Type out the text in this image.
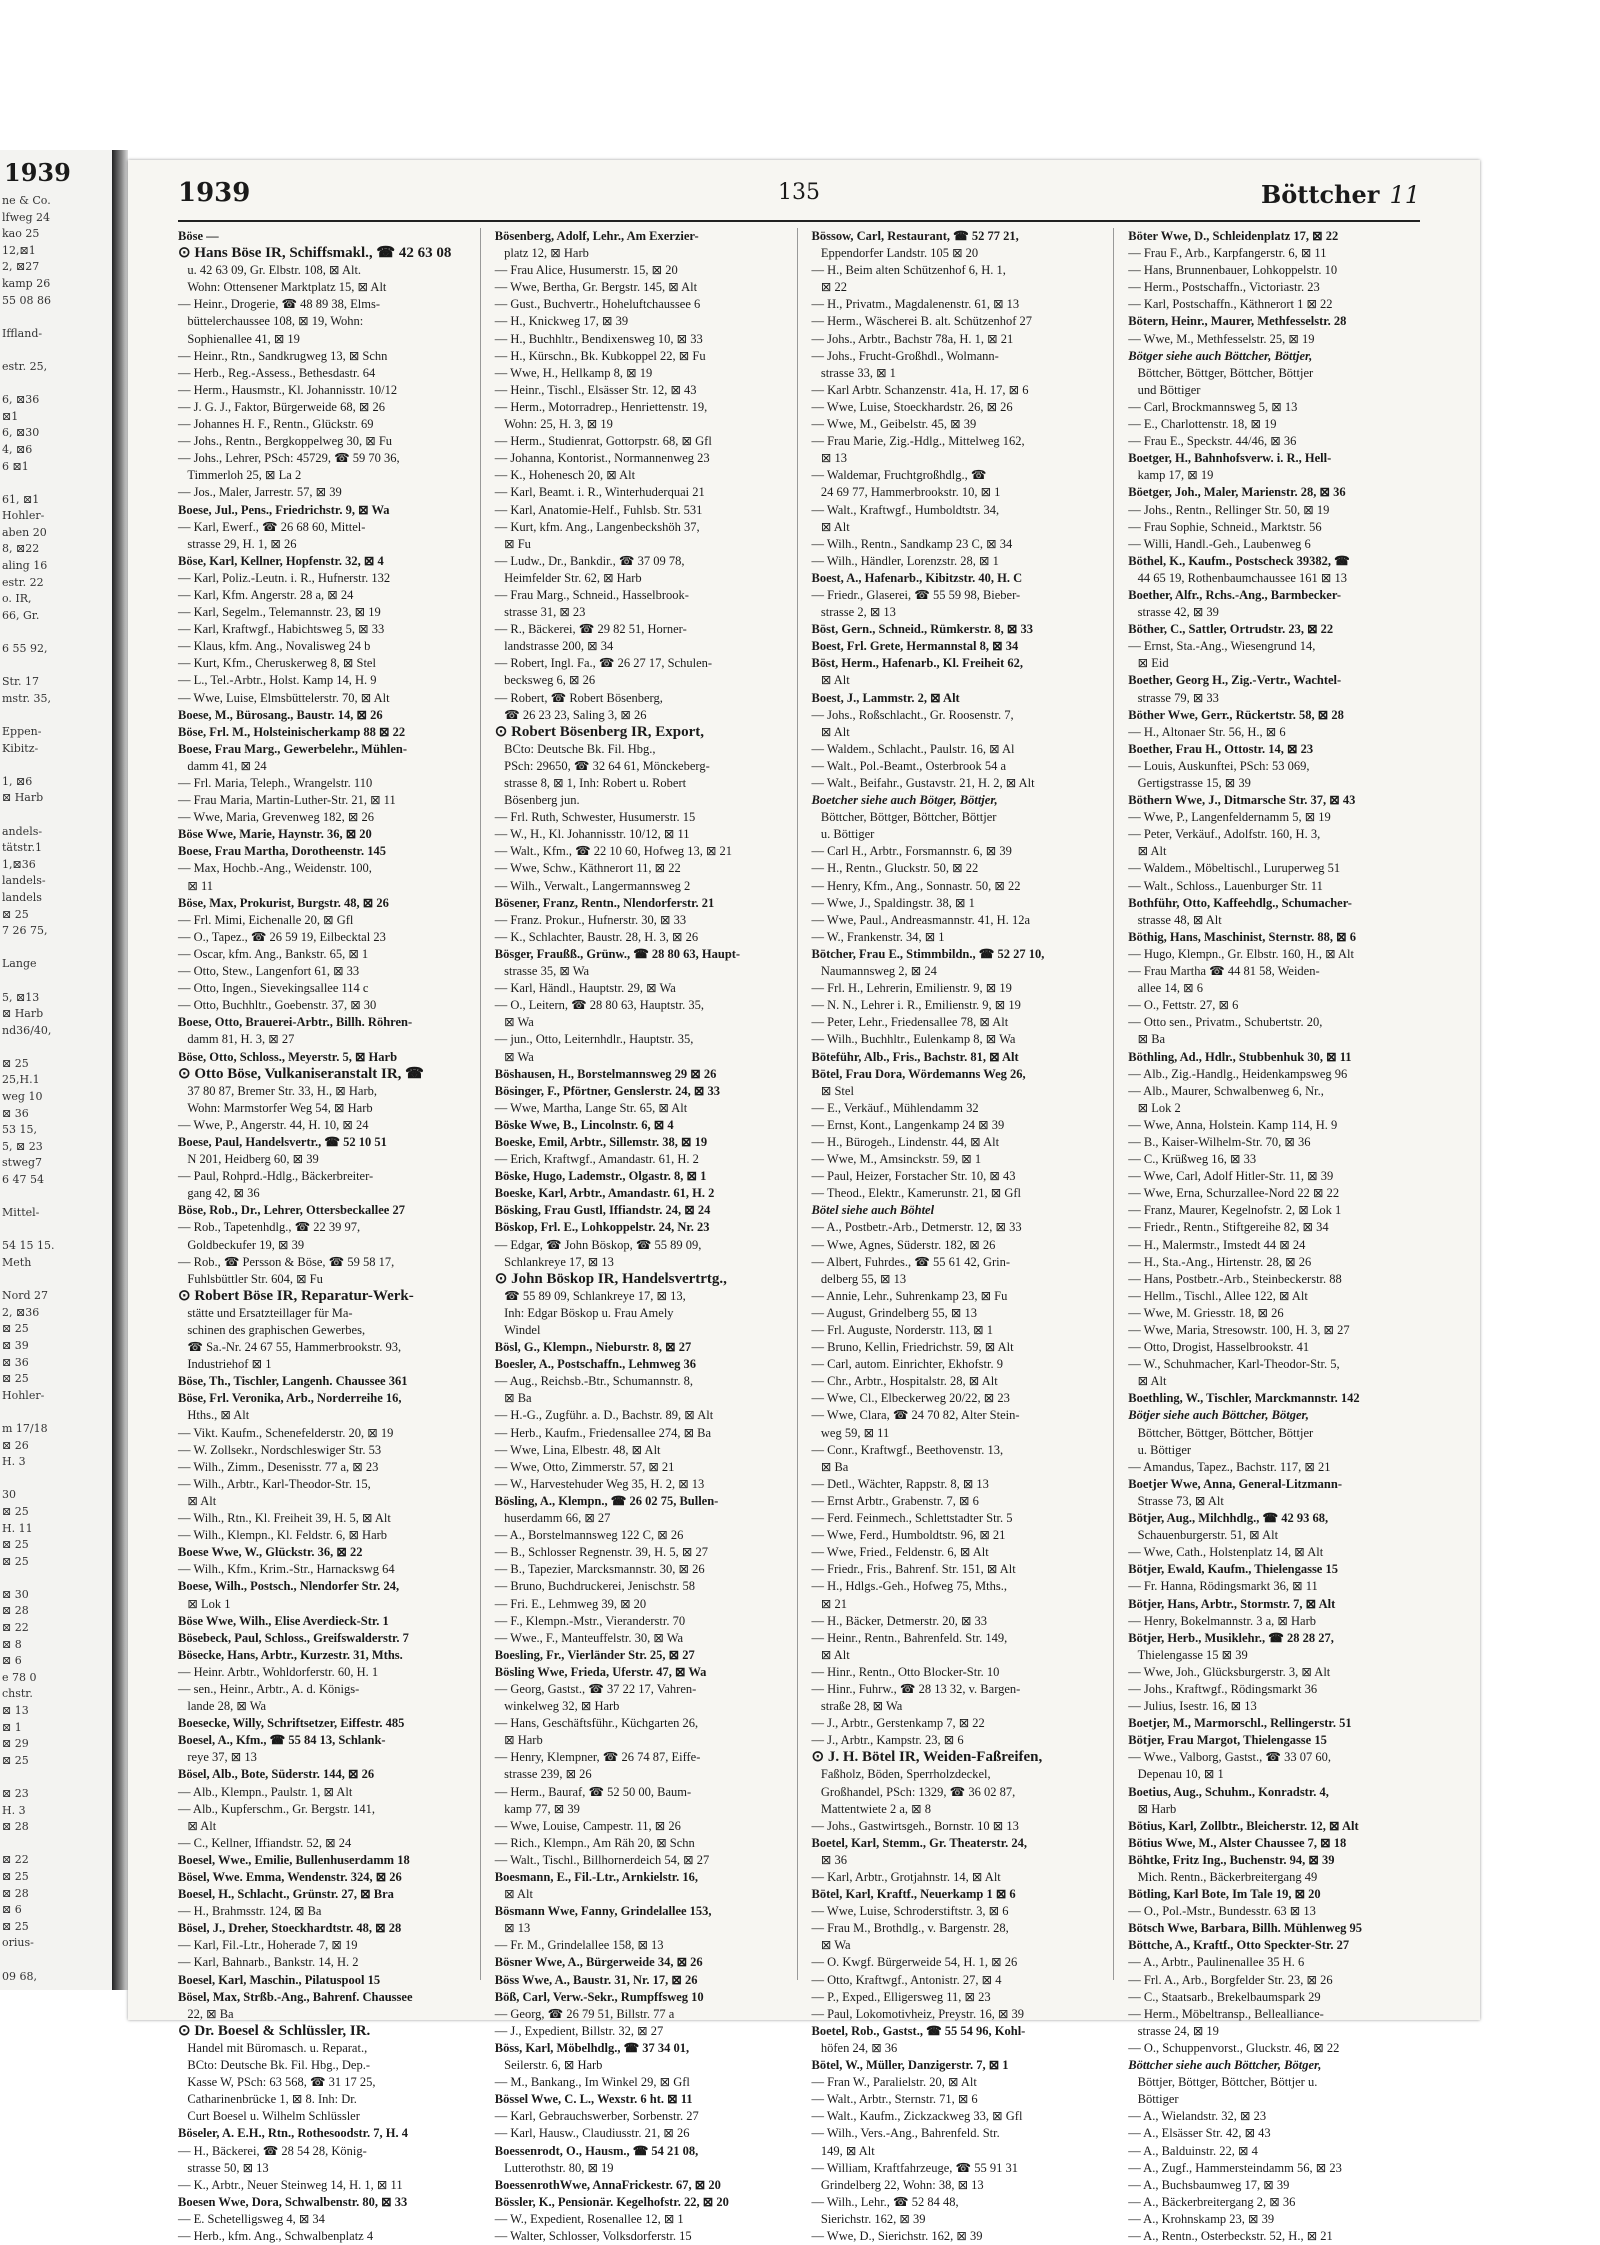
1939
ne & Co.
lfweg 24
kao 25
12,⊠1
2, ⊠27
kamp 26
55 08 86

Iffland-

estr. 25,

6, ⊠36
⊠1
6, ⊠30
4, ⊠6
6 ⊠1

61, ⊠1
Hohler-
aben 20
8, ⊠22
aling 16
estr. 22
o. IR,
66, Gr.

6 55 92,

Str. 17
mstr. 35,

Eppen-
Kibitz-

1, ⊠6
⊠ Harb

andels-
tätstr.1
1,⊠36
landels-
landels
⊠ 25
7 26 75,

Lange

5, ⊠13
⊠ Harb
nd36/40,

⊠ 25
25,H.1
weg 10
⊠ 36
53 15,
5, ⊠ 23
stweg7
6 47 54

Mittel-

54 15 15.
Meth

Nord 27
2, ⊠36
⊠ 25
⊠ 39
⊠ 36
⊠ 25
Hohler-

m 17/18
⊠ 26
H. 3

30
⊠ 25
H. 11
⊠ 25
⊠ 25

⊠ 30
⊠ 28
⊠ 22
⊠ 8
⊠ 6
e 78 0
chstr.
⊠ 13
⊠ 1
⊠ 29
⊠ 25

⊠ 23
H. 3
⊠ 28

⊠ 22
⊠ 25
⊠ 28
⊠ 6
⊠ 25
orius-

09 68,
1939	135	Böttcher 11
Böse —
⊙ Hans Böse IR, Schiffsmakl., ☎ 42 63 08
u. 42 63 09, Gr. Elbstr. 108, ⊠ Alt.
Wohn: Ottensener Marktplatz 15, ⊠ Alt
— Heinr., Drogerie, ☎ 48 89 38, Elms-
büttelerchaussee 108, ⊠ 19, Wohn:
Sophienallee 41, ⊠ 19
— Heinr., Rtn., Sandkrugweg 13, ⊠ Schn
— Herb., Reg.-Assess., Bethesdastr. 64
— Herm., Hausmstr., Kl. Johannisstr. 10/12
— J. G. J., Faktor, Bürgerweide 68, ⊠ 26
— Johannes H. F., Rentn., Glückstr. 69
— Johs., Rentn., Bergkoppelweg 30, ⊠ Fu
— Johs., Lehrer, PSch: 45729, ☎ 59 70 36,
Timmerloh 25, ⊠ La 2
— Jos., Maler, Jarrestr. 57, ⊠ 39
Boese, Jul., Pens., Friedrichstr. 9, ⊠ Wa
— Karl, Ewerf., ☎ 26 68 60, Mittel-
strasse 29, H. 1, ⊠ 26
Böse, Karl, Kellner, Hopfenstr. 32, ⊠ 4
— Karl, Poliz.-Leutn. i. R., Hufnerstr. 132
— Karl, Kfm. Angerstr. 28 a, ⊠ 24
— Karl, Segelm., Telemannstr. 23, ⊠ 19
— Karl, Kraftwgf., Habichtsweg 5, ⊠ 33
— Klaus, kfm. Ang., Novalisweg 24 b
— Kurt, Kfm., Cheruskerweg 8, ⊠ Stel
— L., Tel.-Arbtr., Holst. Kamp 14, H. 9
— Wwe, Luise, Elmsbüttelerstr. 70, ⊠ Alt
Boese, M., Bürosang., Baustr. 14, ⊠ 26
Böse, Frl. M., Holsteinischerkamp 88 ⊠ 22
Boese, Frau Marg., Gewerbelehr., Mühlen-
damm 41, ⊠ 24
— Frl. Maria, Teleph., Wrangelstr. 110
— Frau Maria, Martin-Luther-Str. 21, ⊠ 11
— Wwe, Maria, Grevenweg 182, ⊠ 26
Böse Wwe, Marie, Haynstr. 36, ⊠ 20
Boese, Frau Martha, Dorotheenstr. 145
— Max, Hochb.-Ang., Weidenstr. 100,
⊠ 11
Böse, Max, Prokurist, Burgstr. 48, ⊠ 26
— Frl. Mimi, Eichenalle 20, ⊠ Gfl
— O., Tapez., ☎ 26 59 19, Eilbecktal 23
— Oscar, kfm. Ang., Bankstr. 65, ⊠ 1
— Otto, Stew., Langenfort 61, ⊠ 33
— Otto, Ingen., Sievekingsallee 114 c
— Otto, Buchhltr., Goebenstr. 37, ⊠ 30
Boese, Otto, Brauerei-Arbtr., Billh. Röhren-
damm 81, H. 3, ⊠ 27
Böse, Otto, Schloss., Meyerstr. 5, ⊠ Harb
⊙ Otto Böse, Vulkaniseranstalt IR, ☎
37 80 87, Bremer Str. 33, H., ⊠ Harb,
Wohn: Marmstorfer Weg 54, ⊠ Harb
— Wwe, P., Angerstr. 44, H. 10, ⊠ 24
Boese, Paul, Handelsvertr., ☎ 52 10 51
N 201, Heidberg 60, ⊠ 39
— Paul, Rohprd.-Hdlg., Bäckerbreiter-
gang 42, ⊠ 36
Böse, Rob., Dr., Lehrer, Ottersbeckallee 27
— Rob., Tapetenhdlg., ☎ 22 39 97,
Goldbeckufer 19, ⊠ 39
— Rob., ☎ Persson & Böse, ☎ 59 58 17,
Fuhlsbüttler Str. 604, ⊠ Fu
⊙ Robert Böse IR, Reparatur-Werk-
stätte und Ersatzteillager für Ma-
schinen des graphischen Gewerbes,
☎ Sa.-Nr. 24 67 55, Hammerbrookstr. 93,
Industriehof ⊠ 1
Böse, Th., Tischler, Langenh. Chaussee 361
Böse, Frl. Veronika, Arb., Norderreihe 16,
Hths., ⊠ Alt
— Vikt. Kaufm., Schenefelderstr. 20, ⊠ 19
— W. Zollsekr., Nordschleswiger Str. 53
— Wilh., Zimm., Desenisstr. 77 a, ⊠ 23
— Wilh., Arbtr., Karl-Theodor-Str. 15,
⊠ Alt
— Wilh., Rtn., Kl. Freiheit 39, H. 5, ⊠ Alt
— Wilh., Klempn., Kl. Feldstr. 6, ⊠ Harb
Boese Wwe, W., Glückstr. 36, ⊠ 22
— Wilh., Kfm., Krim.-Str., Harnackswg 64
Boese, Wilh., Postsch., Nlendorfer Str. 24,
⊠ Lok 1
Böse Wwe, Wilh., Elise Averdieck-Str. 1
Bösebeck, Paul, Schloss., Greifswalderstr. 7
Bösecke, Hans, Arbtr., Kurzestr. 31, Mths.
— Heinr. Arbtr., Wohldorferstr. 60, H. 1
— sen., Heinr., Arbtr., A. d. Königs-
lande 28, ⊠ Wa
Boesecke, Willy, Schriftsetzer, Eiffestr. 485
Boesel, A., Kfm., ☎ 55 84 13, Schlank-
reye 37, ⊠ 13
Bösel, Alb., Bote, Süderstr. 144, ⊠ 26
— Alb., Klempn., Paulstr. 1, ⊠ Alt
— Alb., Kupferschm., Gr. Bergstr. 141,
⊠ Alt
— C., Kellner, Iffiandstr. 52, ⊠ 24
Boesel, Wwe., Emilie, Bullenhuserdamm 18
Bösel, Wwe. Emma, Wendenstr. 324, ⊠ 26
Boesel, H., Schlacht., Grünstr. 27, ⊠ Bra
— H., Brahmsstr. 124, ⊠ Ba
Bösel, J., Dreher, Stoeckhardtstr. 48, ⊠ 28
— Karl, Fil.-Ltr., Hoherade 7, ⊠ 19
— Karl, Bahnarb., Bankstr. 14, H. 2
Boesel, Karl, Maschin., Pilatuspool 15
Bösel, Max, Strßb.-Ang., Bahrenf. Chaussee
22, ⊠ Ba
⊙ Dr. Boesel & Schlüssler, IR.
Handel mit Büromasch. u. Reparat.,
BCto: Deutsche Bk. Fil. Hbg., Dep.-
Kasse W, PSch: 63 568, ☎ 31 17 25,
Catharinenbrücke 1, ⊠ 8. Inh: Dr.
Curt Boesel u. Wilhelm Schlüssler
Böseler, A. E.H., Rtn., Rothesoodstr. 7, H. 4
— H., Bäckerei, ☎ 28 54 28, König-
strasse 50, ⊠ 13
— K., Arbtr., Neuer Steinweg 14, H. 1, ⊠ 11
Boesen Wwe, Dora, Schwalbenstr. 80, ⊠ 33
— E. Schetelligsweg 4, ⊠ 34
— Herb., kfm. Ang., Schwalbenplatz 4
Bösenberg, Adolf, Lehr., Am Exerzier-
platz 12, ⊠ Harb
— Frau Alice, Husumerstr. 15, ⊠ 20
— Wwe, Bertha, Gr. Bergstr. 145, ⊠ Alt
— Gust., Buchvertr., Hoheluftchaussee 6
— H., Knickweg 17, ⊠ 39
— H., Buchhltr., Bendixensweg 10, ⊠ 33
— H., Kürschn., Bk. Kubkoppel 22, ⊠ Fu
— Wwe, H., Hellkamp 8, ⊠ 19
— Heinr., Tischl., Elsässer Str. 12, ⊠ 43
— Herm., Motorradrep., Henriettenstr. 19,
Wohn: 25, H. 3, ⊠ 19
— Herm., Studienrat, Gottorpstr. 68, ⊠ Gfl
— Johanna, Kontorist., Normannenweg 23
— K., Hohenesch 20, ⊠ Alt
— Karl, Beamt. i. R., Winterhuderquai 21
— Karl, Anatomie-Helf., Fuhlsb. Str. 531
— Kurt, kfm. Ang., Langenbeckshöh 37,
⊠ Fu
— Ludw., Dr., Bankdir., ☎ 37 09 78,
Heimfelder Str. 62, ⊠ Harb
— Frau Marg., Schneid., Hasselbrook-
strasse 31, ⊠ 23
— R., Bäckerei, ☎ 29 82 51, Horner-
landstrasse 200, ⊠ 34
— Robert, Ingl. Fa., ☎ 26 27 17, Schulen-
becksweg 6, ⊠ 26
— Robert, ☎ Robert Bösenberg,
☎ 26 23 23, Saling 3, ⊠ 26
⊙ Robert Bösenberg IR, Export,
BCto: Deutsche Bk. Fil. Hbg.,
PSch: 29650, ☎ 32 64 61, Mönckeberg-
strasse 8, ⊠ 1, Inh: Robert u. Robert
Bösenberg jun.
— Frl. Ruth, Schwester, Husumerstr. 15
— W., H., Kl. Johannisstr. 10/12, ⊠ 11
— Walt., Kfm., ☎ 22 10 60, Hofweg 13, ⊠ 21
— Wwe, Schw., Käthnerort 11, ⊠ 22
— Wilh., Verwalt., Langermannsweg 2
Bösener, Franz, Rentn., Nlendorferstr. 21
— Franz. Prokur., Hufnerstr. 30, ⊠ 33
— K., Schlachter, Baustr. 28, H. 3, ⊠ 26
Bösger, Fraußß., Grünw., ☎ 28 80 63, Haupt-
strasse 35, ⊠ Wa
— Karl, Händl., Hauptstr. 29, ⊠ Wa
— O., Leitern, ☎ 28 80 63, Hauptstr. 35,
⊠ Wa
— jun., Otto, Leiternhdlr., Hauptstr. 35,
⊠ Wa
Böshausen, H., Borstelmannsweg 29 ⊠ 26
Bösinger, F., Pförtner, Genslerstr. 24, ⊠ 33
— Wwe, Martha, Lange Str. 65, ⊠ Alt
Böske Wwe, B., Lincolnstr. 6, ⊠ 4
Boeske, Emil, Arbtr., Sillemstr. 38, ⊠ 19
— Erich, Kraftwgf., Amandastr. 61, H. 2
Böske, Hugo, Lademstr., Olgastr. 8, ⊠ 1
Boeske, Karl, Arbtr., Amandastr. 61, H. 2
Bösking, Frau Gustl, Iffiandstr. 24, ⊠ 24
Böskop, Frl. E., Lohkoppelstr. 24, Nr. 23
— Edgar, ☎ John Böskop, ☎ 55 89 09,
Schlankreye 17, ⊠ 13
⊙ John Böskop IR, Handelsvertrtg.,
☎ 55 89 09, Schlankreye 17, ⊠ 13,
Inh: Edgar Böskop u. Frau Amely
Windel
Bösl, G., Klempn., Nieburstr. 8, ⊠ 27
Boesler, A., Postschaffn., Lehmweg 36
— Aug., Reichsb.-Btr., Schumannstr. 8,
⊠ Ba
— H.-G., Zugführ. a. D., Bachstr. 89, ⊠ Alt
— Herb., Kaufm., Friedensallee 274, ⊠ Ba
— Wwe, Lina, Elbestr. 48, ⊠ Alt
— Wwe, Otto, Zimmerstr. 57, ⊠ 21
— W., Harvestehuder Weg 35, H. 2, ⊠ 13
Bösling, A., Klempn., ☎ 26 02 75, Bullen-
huserdamm 66, ⊠ 27
— A., Borstelmannsweg 122 C, ⊠ 26
— B., Schlosser Regnenstr. 39, H. 5, ⊠ 27
— B., Tapezier, Marcksmannstr. 30, ⊠ 26
— Bruno, Buchdruckerei, Jenischstr. 58
— Fri. E., Lehmweg 39, ⊠ 20
— F., Klempn.-Mstr., Vieranderstr. 70
— Wwe., F., Manteuffelstr. 30, ⊠ Wa
Boesling, Fr., Vierländer Str. 25, ⊠ 27
Bösling Wwe, Frieda, Uferstr. 47, ⊠ Wa
— Georg, Gastst., ☎ 37 22 17, Vahren-
winkelweg 32, ⊠ Harb
— Hans, Geschäftsführ., Küchgarten 26,
⊠ Harb
— Henry, Klempner, ☎ 26 74 87, Eiffe-
strasse 239, ⊠ 26
— Herm., Bauraf, ☎ 52 50 00, Baum-
kamp 77, ⊠ 39
— Wwe, Louise, Campestr. 11, ⊠ 26
— Rich., Klempn., Am Räh 20, ⊠ Schn
— Walt., Tischl., Billhornerdeich 54, ⊠ 27
Boesmann, E., Fil.-Ltr., Arnkielstr. 16,
⊠ Alt
Bösmann Wwe, Fanny, Grindelallee 153,
⊠ 13
— Fr. M., Grindelallee 158, ⊠ 13
Bösner Wwe, A., Bürgerweide 34, ⊠ 26
Böss Wwe, A., Baustr. 31, Nr. 17, ⊠ 26
Böß, Carl, Verw.-Sekr., Rumpffsweg 10
— Georg, ☎ 26 79 51, Billstr. 77 a
— J., Expedient, Billstr. 32, ⊠ 27
Böss, Karl, Möbelhdlg., ☎ 37 34 01,
Seilerstr. 6, ⊠ Harb
— M., Bankang., Im Winkel 29, ⊠ Gfl
Bössel Wwe, C. L., Wexstr. 6 ht. ⊠ 11
— Karl, Gebrauchswerber, Sorbenstr. 27
— Karl, Hausw., Claudiusstr. 21, ⊠ 26
Boessenrodt, O., Hausm., ☎ 54 21 08,
Lutterothstr. 80, ⊠ 19
BoessenrothWwe, AnnaFrickestr. 67, ⊠ 20
Bössler, K., Pensionär. Kegelhofstr. 22, ⊠ 20
— W., Expedient, Rosenallee 12, ⊠ 1
— Walter, Schlosser, Volksdorferstr. 15
Bössow, Carl, Restaurant, ☎ 52 77 21,
Eppendorfer Landstr. 105 ⊠ 20
— H., Beim alten Schützenhof 6, H. 1,
⊠ 22
— H., Privatm., Magdalenenstr. 61, ⊠ 13
— Herm., Wäscherei B. alt. Schützenhof 27
— Johs., Arbtr., Bachstr 78a, H. 1, ⊠ 21
— Johs., Frucht-Großhdl., Wolmann-
strasse 33, ⊠ 1
— Karl Arbtr. Schanzenstr. 41a, H. 17, ⊠ 6
— Wwe, Luise, Stoeckhardstr. 26, ⊠ 26
— Wwe, M., Geibelstr. 45, ⊠ 39
— Frau Marie, Zig.-Hdlg., Mittelweg 162,
⊠ 13
— Waldemar, Fruchtgroßhdlg., ☎
24 69 77, Hammerbrookstr. 10, ⊠ 1
— Walt., Kraftwgf., Humboldtstr. 34,
⊠ Alt
— Wilh., Rentn., Sandkamp 23 C, ⊠ 34
— Wilh., Händler, Lorenzstr. 28, ⊠ 1
Boest, A., Hafenarb., Kibitzstr. 40, H. C
— Friedr., Glaserei, ☎ 55 59 98, Bieber-
strasse 2, ⊠ 13
Böst, Gern., Schneid., Rümkerstr. 8, ⊠ 33
Boest, Frl. Grete, Hermannstal 8, ⊠ 34
Böst, Herm., Hafenarb., Kl. Freiheit 62,
⊠ Alt
Boest, J., Lammstr. 2, ⊠ Alt
— Johs., Roßschlacht., Gr. Roosenstr. 7,
⊠ Alt
— Waldem., Schlacht., Paulstr. 16, ⊠ Al
— Walt., Pol.-Beamt., Osterbrook 54 a
— Walt., Beifahr., Gustavstr. 21, H. 2, ⊠ Alt
Boetcher siehe auch Bötger, Böttjer,
Böttcher, Böttger, Böttcher, Böttjer
u. Böttiger
— Carl H., Arbtr., Forsmannstr. 6, ⊠ 39
— H., Rentn., Gluckstr. 50, ⊠ 22
— Henry, Kfm., Ang., Sonnastr. 50, ⊠ 22
— Wwe, J., Spaldingstr. 38, ⊠ 1
— Wwe, Paul., Andreasmannstr. 41, H. 12a
— W., Frankenstr. 34, ⊠ 1
Bötcher, Frau E., Stimmbildn., ☎ 52 27 10,
Naumannsweg 2, ⊠ 24
— Frl. H., Lehrerin, Emilienstr. 9, ⊠ 19
— N. N., Lehrer i. R., Emilienstr. 9, ⊠ 19
— Peter, Lehr., Friedensallee 78, ⊠ Alt
— Wilh., Buchhltr., Eulenkamp 8, ⊠ Wa
Böteführ, Alb., Fris., Bachstr. 81, ⊠ Alt
Bötel, Frau Dora, Wördemanns Weg 26,
⊠ Stel
— E., Verkäuf., Mühlendamm 32
— Ernst, Kont., Langenkamp 24 ⊠ 39
— H., Bürogeh., Lindenstr. 44, ⊠ Alt
— Wwe, M., Amsinckstr. 59, ⊠ 1
— Paul, Heizer, Forstacher Str. 10, ⊠ 43
— Theod., Elektr., Kamerunstr. 21, ⊠ Gfl
Bötel siehe auch Böhtel
— A., Postbetr.-Arb., Detmerstr. 12, ⊠ 33
— Wwe, Agnes, Süderstr. 182, ⊠ 26
— Albert, Fuhrdes., ☎ 55 61 42, Grin-
delberg 55, ⊠ 13
— Annie, Lehr., Suhrenkamp 23, ⊠ Fu
— August, Grindelberg 55, ⊠ 13
— Frl. Auguste, Norderstr. 113, ⊠ 1
— Bruno, Kellin, Friedrichstr. 59, ⊠ Alt
— Carl, autom. Einrichter, Ekhofstr. 9
— Chr., Arbtr., Hospitalstr. 28, ⊠ Alt
— Wwe, Cl., Elbeckerweg 20/22, ⊠ 23
— Wwe, Clara, ☎ 24 70 82, Alter Stein-
weg 59, ⊠ 11
— Conr., Kraftwgf., Beethovenstr. 13,
⊠ Ba
— Detl., Wächter, Rappstr. 8, ⊠ 13
— Ernst Arbtr., Grabenstr. 7, ⊠ 6
— Ferd. Feinmech., Schlettstadter Str. 5
— Wwe, Ferd., Humboldtstr. 96, ⊠ 21
— Wwe, Fried., Feldenstr. 6, ⊠ Alt
— Friedr., Fris., Bahrenf. Str. 151, ⊠ Alt
— H., Hdlgs.-Geh., Hofweg 75, Mths.,
⊠ 21
— H., Bäcker, Detmerstr. 20, ⊠ 33
— Heinr., Rentn., Bahrenfeld. Str. 149,
⊠ Alt
— Hinr., Rentn., Otto Blocker-Str. 10
— Hinr., Fuhrw., ☎ 28 13 32, v. Bargen-
straße 28, ⊠ Wa
— J., Arbtr., Gerstenkamp 7, ⊠ 22
— J., Arbtr., Kampstr. 23, ⊠ 6
⊙ J. H. Bötel IR, Weiden-Faßreifen,
Faßholz, Böden, Sperrholzdeckel,
Großhandel, PSch: 1329, ☎ 36 02 87,
Mattentwiete 2 a, ⊠ 8
— Johs., Gastwirtsgeh., Bornstr. 10 ⊠ 13
Boetel, Karl, Stemm., Gr. Theaterstr. 24,
⊠ 36
— Karl, Arbtr., Grotjahnstr. 14, ⊠ Alt
Bötel, Karl, Kraftf., Neuerkamp 1 ⊠ 6
— Wwe, Luise, Schroderstiftstr. 3, ⊠ 6
— Frau M., Brothdlg., v. Bargenstr. 28,
⊠ Wa
— O. Kwgf. Bürgerweide 54, H. 1, ⊠ 26
— Otto, Kraftwgf., Antonistr. 27, ⊠ 4
— P., Exped., Elligersweg 11, ⊠ 23
— Paul, Lokomotivheiz, Preystr. 16, ⊠ 39
Boetel, Rob., Gastst., ☎ 55 54 96, Kohl-
höfen 24, ⊠ 36
Bötel, W., Müller, Danzigerstr. 7, ⊠ 1
— Fran W., Paralielstr. 20, ⊠ Alt
— Walt., Arbtr., Sternstr. 71, ⊠ 6
— Walt., Kaufm., Zickzackweg 33, ⊠ Gfl
— Wilh., Vers.-Ang., Bahrenfeld. Str.
149, ⊠ Alt
— William, Kraftfahrzeuge, ☎ 55 91 31
Grindelberg 22, Wohn: 38, ⊠ 13
— Wilh., Lehr., ☎ 52 84 48,
Sierichstr. 162, ⊠ 39
— Wwe, D., Sierichstr. 162, ⊠ 39
Böter Wwe, D., Schleidenplatz 17, ⊠ 22
— Frau F., Arb., Karpfangerstr. 6, ⊠ 11
— Hans, Brunnenbauer, Lohkoppelstr. 10
— Herm., Postschaffn., Victoriastr. 23
— Karl, Postschaffn., Käthnerort 1 ⊠ 22
Bötern, Heinr., Maurer, Methfesselstr. 28
— Wwe, M., Methfesselstr. 25, ⊠ 19
Bötger siehe auch Böttcher, Böttjer,
Böttcher, Böttger, Böttcher, Böttjer
und Böttiger
— Carl, Brockmannsweg 5, ⊠ 13
— E., Charlottenstr. 18, ⊠ 19
— Frau E., Speckstr. 44/46, ⊠ 36
Boetger, H., Bahnhofsverw. i. R., Hell-
kamp 17, ⊠ 19
Böetger, Joh., Maler, Marienstr. 28, ⊠ 36
— Johs., Rentn., Rellinger Str. 50, ⊠ 19
— Frau Sophie, Schneid., Marktstr. 56
— Willi, Handl.-Geh., Laubenweg 6
Böthel, K., Kaufm., Postscheck 39382, ☎
44 65 19, Rothenbaumchaussee 161 ⊠ 13
Boether, Alfr., Rchs.-Ang., Barmbecker-
strasse 42, ⊠ 39
Böther, C., Sattler, Ortrudstr. 23, ⊠ 22
— Ernst, Sta.-Ang., Wiesengrund 14,
⊠ Eid
Boether, Georg H., Zig.-Vertr., Wachtel-
strasse 79, ⊠ 33
Böther Wwe, Gerr., Rückertstr. 58, ⊠ 28
— H., Altonaer Str. 56, H., ⊠ 6
Boether, Frau H., Ottostr. 14, ⊠ 23
— Louis, Auskunftei, PSch: 53 069,
Gertigstrasse 15, ⊠ 39
Böthern Wwe, J., Ditmarsche Str. 37, ⊠ 43
— Wwe, P., Langenfeldernamm 5, ⊠ 19
— Peter, Verkäuf., Adolfstr. 160, H. 3,
⊠ Alt
— Waldem., Möbeltischl., Luruperweg 51
— Walt., Schloss., Lauenburger Str. 11
Bothführ, Otto, Kaffeehdlg., Schumacher-
strasse 48, ⊠ Alt
Böthig, Hans, Maschinist, Sternstr. 88, ⊠ 6
— Hugo, Klempn., Gr. Elbstr. 160, H., ⊠ Alt
— Frau Martha ☎ 44 81 58, Weiden-
allee 14, ⊠ 6
— O., Fettstr. 27, ⊠ 6
— Otto sen., Privatm., Schubertstr. 20,
⊠ Ba
Böthling, Ad., Hdlr., Stubbenhuk 30, ⊠ 11
— Alb., Zig.-Handlg., Heidenkampsweg 96
— Alb., Maurer, Schwalbenweg 6, Nr.,
⊠ Lok 2
— Wwe, Anna, Holstein. Kamp 114, H. 9
— B., Kaiser-Wilhelm-Str. 70, ⊠ 36
— C., Krüßweg 16, ⊠ 33
— Wwe, Carl, Adolf Hitler-Str. 11, ⊠ 39
— Wwe, Erna, Schurzallee-Nord 22 ⊠ 22
— Franz, Maurer, Kegelnofstr. 2, ⊠ Lok 1
— Friedr., Rentn., Stiftgereihe 82, ⊠ 34
— H., Malermstr., Imstedt 44 ⊠ 24
— H., Sta.-Ang., Hirtenstr. 28, ⊠ 26
— Hans, Postbetr.-Arb., Steinbeckerstr. 88
— Hellm., Tischl., Allee 122, ⊠ Alt
— Wwe, M. Griesstr. 18, ⊠ 26
— Wwe, Maria, Stresowstr. 100, H. 3, ⊠ 27
— Otto, Drogist, Hasselbrookstr. 41
— W., Schuhmacher, Karl-Theodor-Str. 5,
⊠ Alt
Boethling, W., Tischler, Marckmannstr. 142
Bötjer siehe auch Böttcher, Bötger,
Böttcher, Böttger, Böttcher, Böttjer
u. Böttiger
— Amandus, Tapez., Bachstr. 117, ⊠ 21
Boetjer Wwe, Anna, General-Litzmann-
Strasse 73, ⊠ Alt
Bötjer, Aug., Milchhdlg., ☎ 42 93 68,
Schauenburgerstr. 51, ⊠ Alt
— Wwe, Cath., Holstenplatz 14, ⊠ Alt
Bötjer, Ewald, Kaufm., Thielengasse 15
— Fr. Hanna, Rödingsmarkt 36, ⊠ 11
Bötjer, Hans, Arbtr., Stormstr. 7, ⊠ Alt
— Henry, Bokelmannstr. 3 a, ⊠ Harb
Bötjer, Herb., Musiklehr., ☎ 28 28 27,
Thielengasse 15 ⊠ 39
— Wwe, Joh., Glücksburgerstr. 3, ⊠ Alt
— Johs., Kraftwgf., Rödingsmarkt 36
— Julius, Isestr. 16, ⊠ 13
Boetjer, M., Marmorschl., Rellingerstr. 51
Bötjer, Frau Margot, Thielengasse 15
— Wwe., Valborg, Gastst., ☎ 33 07 60,
Depenau 10, ⊠ 1
Boetius, Aug., Schuhm., Konradstr. 4,
⊠ Harb
Bötius, Karl, Zollbtr., Bleicherstr. 12, ⊠ Alt
Bötius Wwe, M., Alster Chaussee 7, ⊠ 18
Böhtke, Fritz Ing., Buchenstr. 94, ⊠ 39
Mich. Rentn., Bäckerbreitergang 49
Bötling, Karl Bote, Im Tale 19, ⊠ 20
— O., Pol.-Mstr., Bundesstr. 63 ⊠ 13
Bötsch Wwe, Barbara, Billh. Mühlenweg 95
Böttche, A., Kraftf., Otto Speckter-Str. 27
— A., Arbtr., Paulinenallee 35 H. 6
— Frl. A., Arb., Borgfelder Str. 23, ⊠ 26
— C., Staatsarb., Brekelbaumspark 29
— Herm., Möbeltransp., Belleallianсе-
strasse 24, ⊠ 19
— O., Schuppenvorst., Gluckstr. 46, ⊠ 22
Böttcher siehe auch Böttcher, Bötger,
Böttjer, Böttger, Böttcher, Böttjer u.
Böttiger
— A., Wielandstr. 32, ⊠ 23
— A., Elsässer Str. 42, ⊠ 43
— A., Balduinstr. 22, ⊠ 4
— A., Zugf., Hammersteindamm 56, ⊠ 23
— A., Buchsbaumweg 17, ⊠ 39
— A., Bäckerbreitergang 2, ⊠ 36
— A., Krohnskamp 23, ⊠ 39
— A., Rentn., Osterbeckstr. 52, H., ⊠ 21
